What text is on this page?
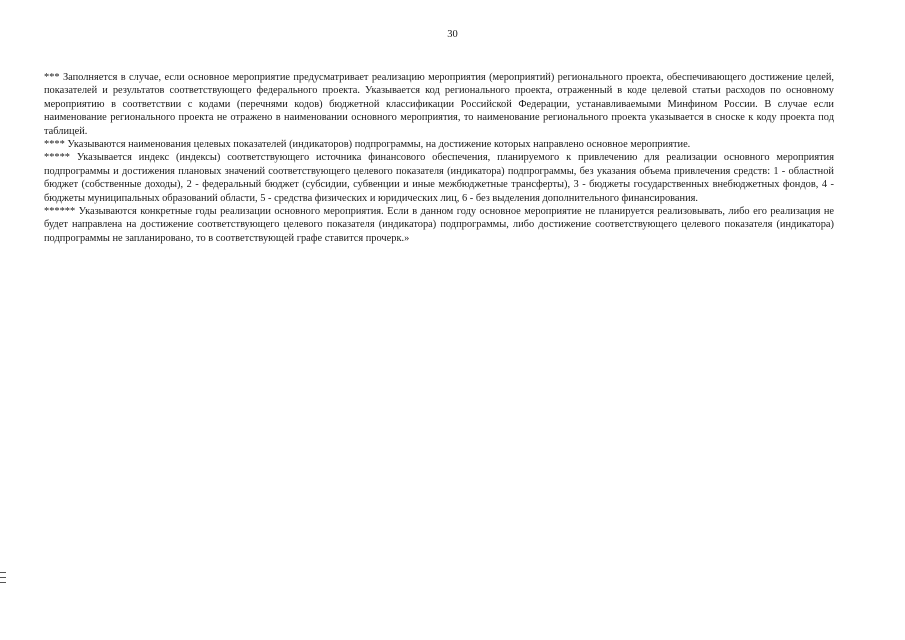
30

*** Заполняется в случае, если основное мероприятие предусматривает реализацию мероприятия (мероприятий) регионального проекта, обеспечивающего достижение целей, показателей и результатов соответствующего федерального проекта. Указывается код регионального проекта, отраженный в коде целевой статьи расходов по основному мероприятию в соответствии с кодами (перечнями кодов) бюджетной классификации Российской Федерации, устанавливаемыми Минфином России. В случае если наименование регионального проекта не отражено в наименовании основного мероприятия, то наименование регионального проекта указывается в сноске к коду проекта под таблицей.

**** Указываются наименования целевых показателей (индикаторов) подпрограммы, на достижение которых направлено основное мероприятие.

***** Указывается индекс (индексы) соответствующего источника финансового обеспечения, планируемого к привлечению для реализации основного мероприятия подпрограммы и достижения плановых значений соответствующего целевого показателя (индикатора) подпрограммы, без указания объема привлечения средств: 1 - областной бюджет (собственные доходы), 2 - федеральный бюджет (субсидии, субвенции и иные межбюджетные трансферты), 3 - бюджеты государственных внебюджетных фондов, 4 - бюджеты муниципальных образований области, 5 - средства физических и юридических лиц, 6 - без выделения дополнительного финансирования.

****** Указываются конкретные годы реализации основного мероприятия. Если в данном году основное мероприятие не планируется реализовывать, либо его реализация не будет направлена на достижение соответствующего целевого показателя (индикатора) подпрограммы, либо достижение соответствующего целевого показателя (индикатора) подпрограммы не запланировано, то в соответствующей графе ставится прочерк.»
